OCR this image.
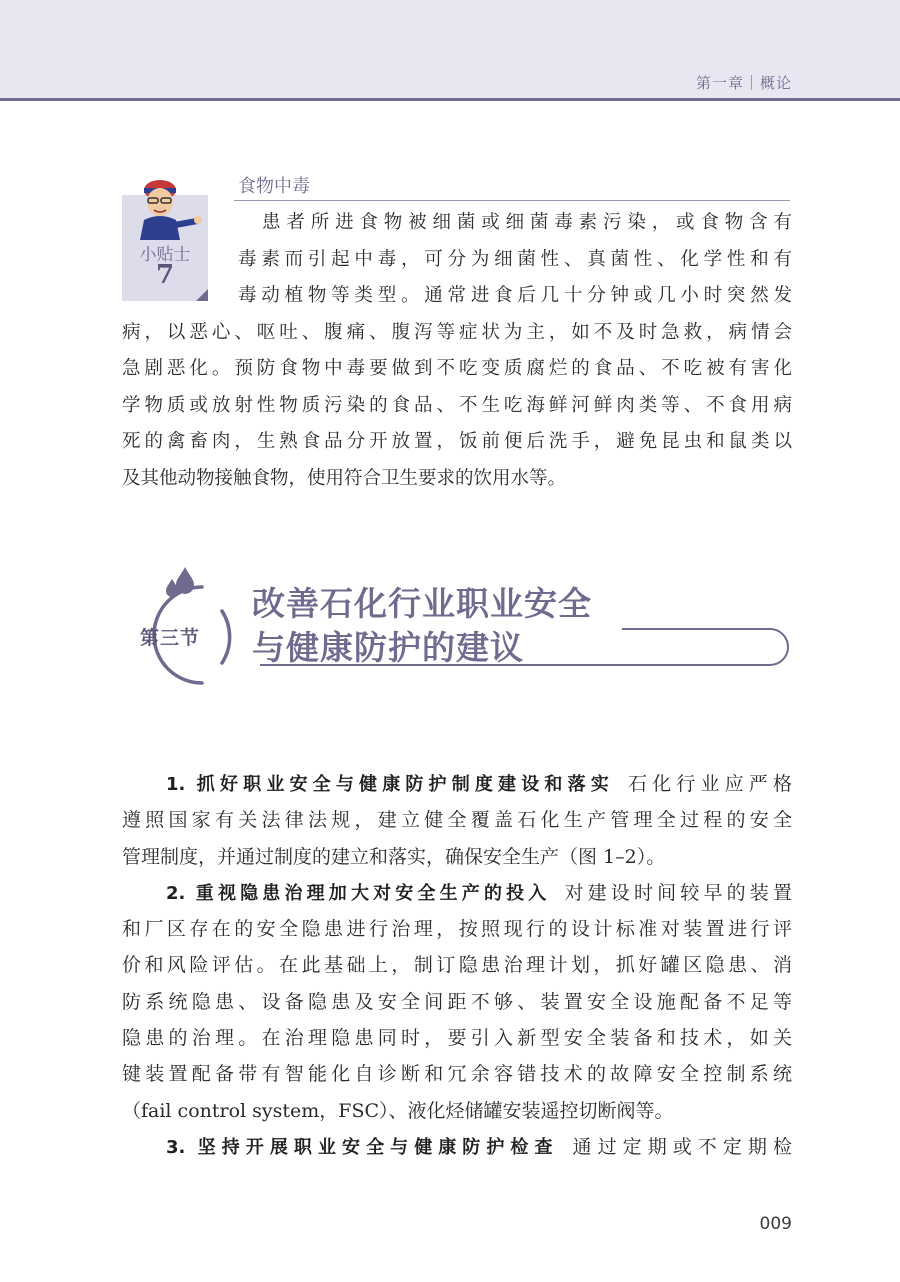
第一章｜概论
小贴士
7
食物中毒
患者所进食物被细菌或细菌毒素污染，或食物含有
毒素而引起中毒，可分为细菌性、真菌性、化学性和有
毒动植物等类型。通常进食后几十分钟或几小时突然发
病，以恶心、呕吐、腹痛、腹泻等症状为主，如不及时急救，病情会
急剧恶化。预防食物中毒要做到不吃变质腐烂的食品、不吃被有害化
学物质或放射性物质污染的食品、不生吃海鲜河鲜肉类等、不食用病
死的禽畜肉，生熟食品分开放置，饭前便后洗手，避免昆虫和鼠类以
及其他动物接触食物，使用符合卫生要求的饮用水等。
第三节
改善石化行业职业安全
与健康防护的建议
1. 抓好职业安全与健康防护制度建设和落实 石化行业应严格
遵照国家有关法律法规，建立健全覆盖石化生产管理全过程的安全
管理制度，并通过制度的建立和落实，确保安全生产（图 1–2）。
2. 重视隐患治理加大对安全生产的投入 对建设时间较早的装置
和厂区存在的安全隐患进行治理，按照现行的设计标准对装置进行评
价和风险评估。在此基础上，制订隐患治理计划，抓好罐区隐患、消
防系统隐患、设备隐患及安全间距不够、装置安全设施配备不足等
隐患的治理。在治理隐患同时，要引入新型安全装备和技术，如关
键装置配备带有智能化自诊断和冗余容错技术的故障安全控制系统
（fail control system，FSC）、液化烃储罐安装遥控切断阀等。
3. 坚持开展职业安全与健康防护检查 通过定期或不定期检
009
